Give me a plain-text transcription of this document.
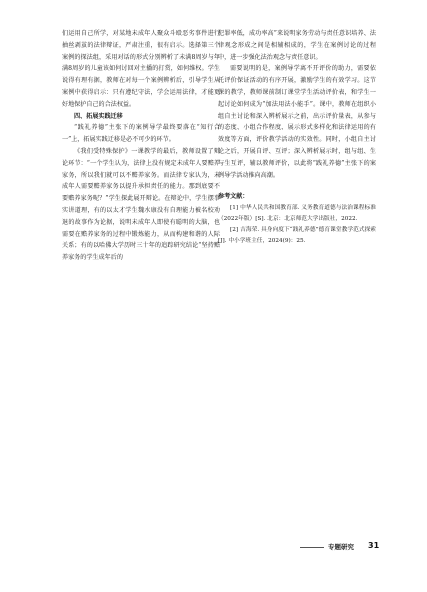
们运用自己所学，对某地未成年人聚众斗殴恶劣事件进行抽丝剥茧的法律辩证，严肃注重，很有启示。选择第三个案例的探法组，采用对话的形式分别辨析了未满8周岁与年满8周岁的儿童该如何讨回对主播的打赏，如何维权。学生说得有理有据，教师在对每一个案例辨析后，引导学生从案例中获得启示：只有遵纪守法，学会运用法律，才能更好地保护自己的合法权益。

四、拓展实践迁移

“践礼养德”主张下的案例导学最终要落在“知行合一”上，拓展实践迁移是必不可少的环节。

《我们受特殊保护》一课教学的最后，教师设置了辩论环节：“一个学生认为，法律上没有规定未成年人要赡养家务，所以我们就可以不赡养家务。而法律专家认为，未成年人需要赡养家务以提升承担责任的能力。那到底要不要赡养家务呢？”学生探此展开辩论。在辩论中，学生摆事实讲道理，有的以太才学生魏水康没有自理能力被名校劝退的故事作为论据，说明未成年人即使有聪明的大脑，也需要在赡养家务的过程中锻炼能力，从而构建和谐的人际关系；有的以哈佛大学历时三十年的追踪研究结论“坚持赡养家务的学生成年后的

犯罪率低，成功率高”来说明家务劳动与责任意识培养、法律观念形成之间是相辅相成的，学生在案例讨论的过程中，进一步强化法治观念与责任意识。

需要说明的是，案例导学离不开评价的助力，需要依托评价保证活动的有序开展，激励学生的有效学习。这节课的教学，教师课前制订课堂学生活动评价表，和学生一起讨论如何成为“加法用法小能手”。课中，教师在组织小组自主讨论和深入辨析展示之前，出示评价量表，从参与的态度、小组合作程度、展示形式多样化和法律运用的有效度等方面，评价教学活动的实效性。同时，小组自主讨论之后，开展自评、互评；深入辨析展示时，组与组、生与生互评，辅以教师评价，以此将“践礼养德”主张下的案例导学活动推向高潮。

参考文献：

[1] 中华人民共和国教育部. 义务教育道德与法治课程标准（2022年版）[S]. 北京：北京师范大学出版社，2022.

[2] 吉海荣. 具身向度下“践礼养德”德育课堂教学范式探索[J]. 中小学班主任，2024(9)：25.

专题研究	31
